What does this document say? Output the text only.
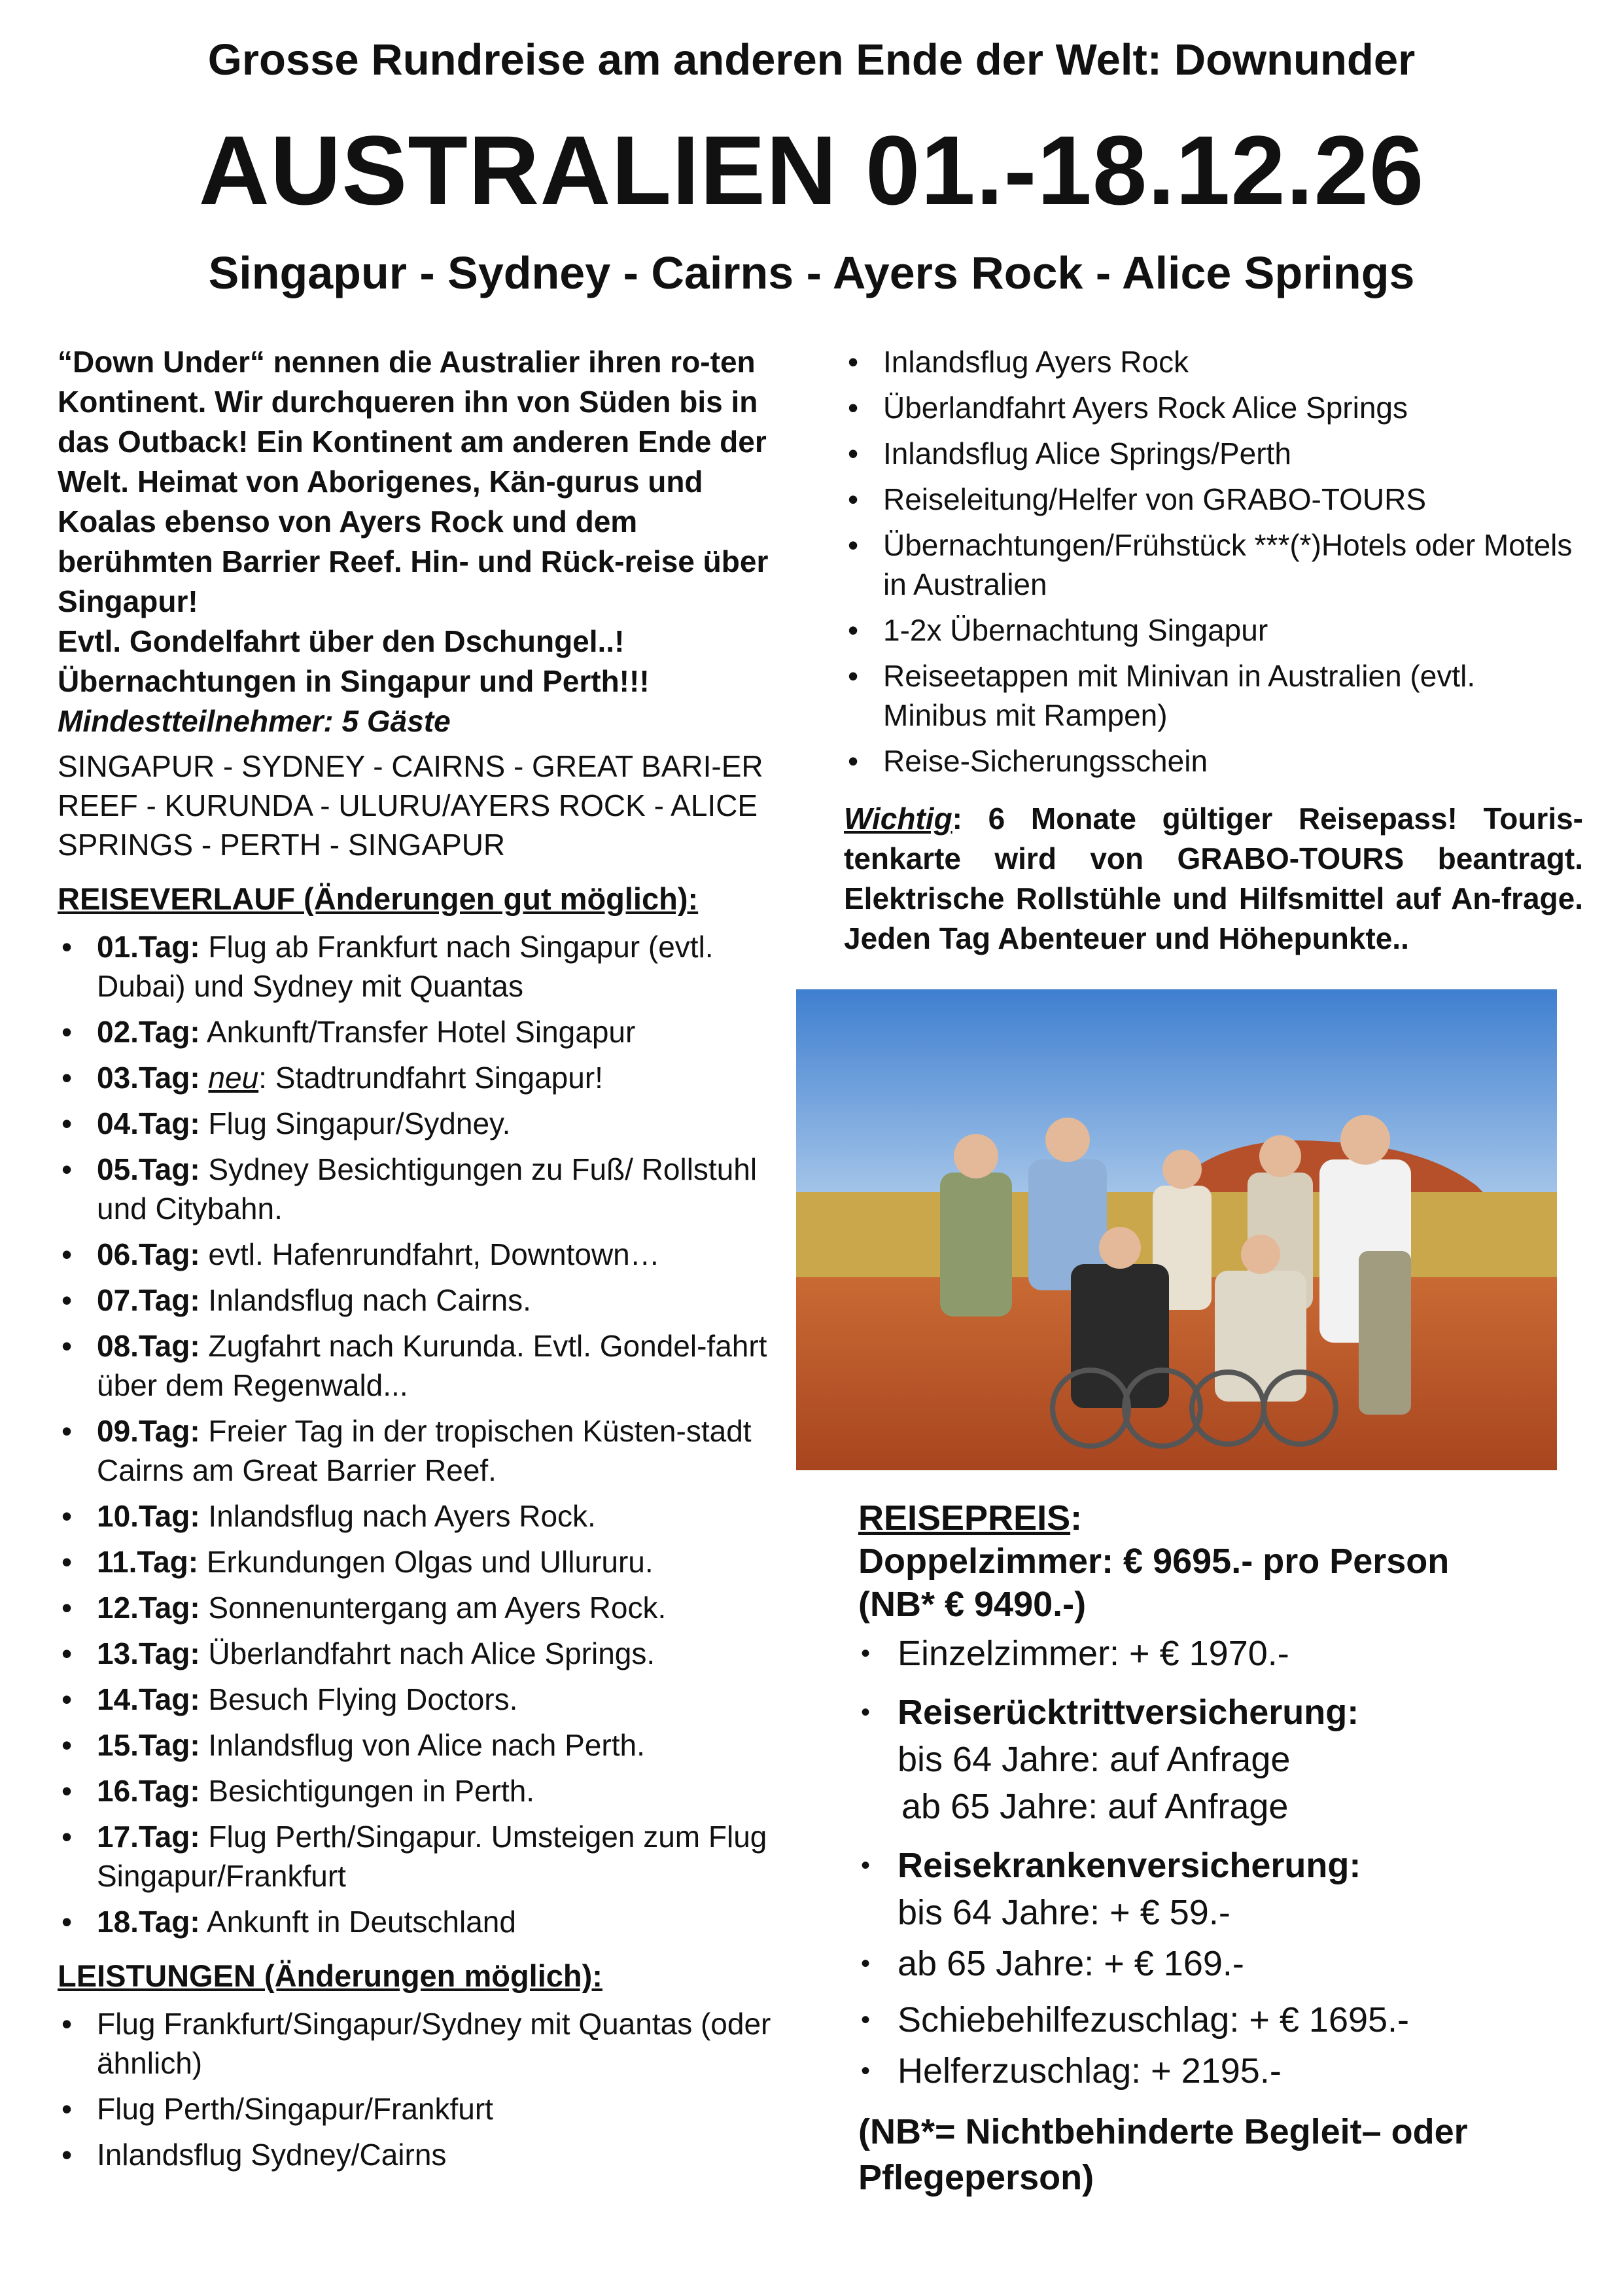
Grosse Rundreise am anderen Ende der Welt: Downunder
AUSTRALIEN 01.-18.12.26
Singapur - Sydney - Cairns - Ayers Rock - Alice Springs

“Down Under“ nennen die Australier ihren ro-ten Kontinent. Wir durchqueren ihn von Süden bis in das Outback! Ein Kontinent am anderen Ende der Welt. Heimat von Aborigenes, Kän-gurus und Koalas ebenso von Ayers Rock und dem berühmten Barrier Reef. Hin- und Rück-reise über Singapur!

Evtl. Gondelfahrt über den Dschungel..!

Übernachtungen in Singapur und Perth!!!

Mindestteilnehmer: 5 Gäste

SINGAPUR - SYDNEY - CAIRNS - GREAT BARI-ER REEF - KURUNDA - ULURU/AYERS ROCK - ALICE SPRINGS - PERTH - SINGAPUR

REISEVERLAUF (Änderungen gut möglich):
• 01.Tag: Flug ab Frankfurt nach Singapur (evtl. Dubai) und Sydney mit Quantas
• 02.Tag: Ankunft/Transfer Hotel Singapur
• 03.Tag: neu: Stadtrundfahrt Singapur!
• 04.Tag: Flug Singapur/Sydney.
• 05.Tag: Sydney Besichtigungen zu Fuß/ Rollstuhl und Citybahn.
• 06.Tag: evtl. Hafenrundfahrt, Downtown…
• 07.Tag: Inlandsflug nach Cairns.
• 08.Tag: Zugfahrt nach Kurunda. Evtl. Gondel-fahrt über dem Regenwald...
• 09.Tag: Freier Tag in der tropischen Küsten-stadt Cairns am Great Barrier Reef.
• 10.Tag: Inlandsflug nach Ayers Rock.
• 11.Tag: Erkundungen Olgas und Ullururu.
• 12.Tag: Sonnenuntergang am Ayers Rock.
• 13.Tag: Überlandfahrt nach Alice Springs.
• 14.Tag: Besuch Flying Doctors.
• 15.Tag: Inlandsflug von Alice nach Perth.
• 16.Tag: Besichtigungen in Perth.
• 17.Tag: Flug Perth/Singapur. Umsteigen zum Flug Singapur/Frankfurt
• 18.Tag: Ankunft in Deutschland
LEISTUNGEN (Änderungen möglich):
• Flug Frankfurt/Singapur/Sydney mit Quantas (oder ähnlich)
• Flug Perth/Singapur/Frankfurt
• Inlandsflug Sydney/Cairns
• Inlandsflug Ayers Rock
• Überlandfahrt Ayers Rock Alice Springs
• Inlandsflug Alice Springs/Perth
• Reiseleitung/Helfer von GRABO-TOURS
• Übernachtungen/Frühstück ***(*)Hotels oder Motels in Australien
• 1-2x Übernachtung Singapur
• Reiseetappen mit Minivan in Australien (evtl. Minibus mit Rampen)
• Reise-Sicherungsschein

Wichtig: 6 Monate gültiger Reisepass! Touris-tenkarte wird von GRABO-TOURS beantragt. Elektrische Rollstühle und Hilfsmittel auf An-frage. Jeden Tag Abenteuer und Höhepunkte..

REISEPREIS:

Doppelzimmer: € 9695.- pro Person

(NB* € 9490.-)

• Einzelzimmer: + € 1970.-
• Reiserücktrittversicherung:
bis 64 Jahre: auf Anfrage
ab 65 Jahre: auf Anfrage
• Reisekrankenversicherung:
bis 64 Jahre: + € 59.-
• ab 65 Jahre: + € 169.-
• Schiebehilfezuschlag: + € 1695.-
• Helferzuschlag: + 2195.-

(NB*= Nichtbehinderte Begleit– oder Pflegeperson)
